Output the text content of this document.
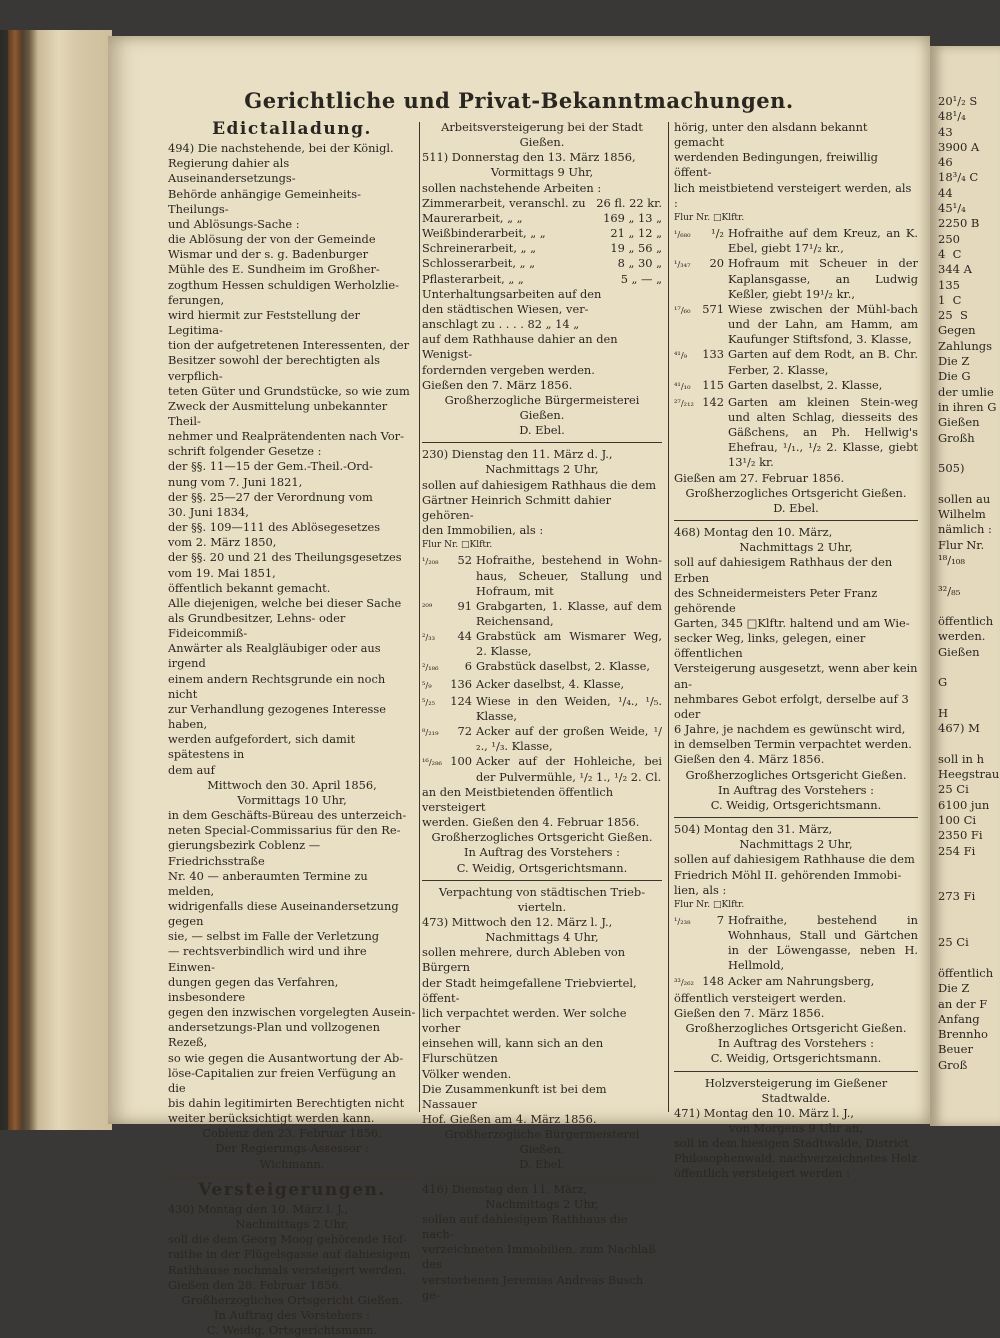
20¹/₂ S
48¹/₄
43
3900 A
46
18³/₄ C
44
45¹/₄
2250 B
250
4  C
344 A
135
1  C
25  S
Gegen
Zahlungs
Die Z
Die G
der umlie
in ihren G
Gießen
Großh

505)

sollen au
Wilhelm
nämlich :
Flur Nr.
¹⁸/₁₀₈

³²/₈₅

öffentlich
werden.
Gießen

G

H
467) M

soll in h
Heegstrau
25 Ci
6100 jun
100 Ci
2350 Fi
254 Fi

273 Fi

25 Ci

öffentlich
Die Z
an der F
Anfang
Brennho
Beuer
Groß
Gerichtliche und Privat-Bekanntmachungen.
Edictalladung.

494) Die nachstehende, bei der Königl.

Regierung dahier als Auseinandersetzungs-

Behörde anhängige Gemeinheits-Theilungs-

und Ablösungs-Sache :

die Ablösung der von der Gemeinde

Wismar und der s. g. Badenburger

Mühle des E. Sundheim im Großher-

zogthum Hessen schuldigen Werholzlie-

ferungen,

wird hiermit zur Feststellung der Legitima-

tion der aufgetretenen Interessenten, der

Besitzer sowohl der berechtigten als verpflich-

teten Güter und Grundstücke, so wie zum

Zweck der Ausmittelung unbekannter Theil-

nehmer und Realprätendenten nach Vor-

schrift folgender Gesetze :

der §§. 11—15 der Gem.-Theil.-Ord-

nung vom 7. Juni 1821,

der §§. 25—27 der Verordnung vom

30. Juni 1834,

der §§. 109—111 des Ablösegesetzes

vom 2. März 1850,

der §§. 20 und 21 des Theilungsgesetzes

vom 19. Mai 1851,

öffentlich bekannt gemacht.

Alle diejenigen, welche bei dieser Sache

als Grundbesitzer, Lehns- oder Fideicommiß-

Anwärter als Realgläubiger oder aus irgend

einem andern Rechtsgrunde ein noch nicht

zur Verhandlung gezogenes Interesse haben,

werden aufgefordert, sich damit spätestens in

dem auf

Mittwoch den 30. April 1856,

Vormittags 10 Uhr,

in dem Geschäfts-Büreau des unterzeich-

neten Special-Commissarius für den Re-

gierungsbezirk Coblenz — Friedrichsstraße

Nr. 40 — anberaumten Termine zu melden,

widrigenfalls diese Auseinandersetzung gegen

sie, — selbst im Falle der Verletzung

— rechtsverbindlich wird und ihre Einwen-

dungen gegen das Verfahren, insbesondere

gegen den inzwischen vorgelegten Ausein-

andersetzungs-Plan und vollzogenen Rezeß,

so wie gegen die Ausantwortung der Ab-

löse-Capitalien zur freien Verfügung an die

bis dahin legitimirten Berechtigten nicht

weiter berücksichtigt werden kann.

Coblenz den 23. Februar 1856.

Der Regierungs-Assessor :

Wichmann.

Versteigerungen.

430) Montag den 10. März l. J.,

Nachmittags 2 Uhr,

soll die dem Georg Moog gehörende Hof-

raithe in der Flügelsgasse auf dahiesigem

Rathhause nochmals versteigert werden.

Gießen den 28. Februar 1856.

Großherzogliches Ortsgericht Gießen.

In Auftrag des Vorstehers :

C. Weidig, Ortsgerichtsmann.

Arbeitsversteigerung bei der Stadt
Gießen.

511) Donnerstag den 13. März 1856,

Vormittags 9 Uhr,

sollen nachstehende Arbeiten :

Zimmerarbeit, veranschl. zu 26 fl. 22 kr.
Maurerarbeit, „ „	169 „ 13 „
Weißbinderarbeit, „ „	21 „ 12 „
Schreinerarbeit, „ „	19 „ 56 „
Schlosserarbeit, „ „	8 „ 30 „
Pflasterarbeit, „ „	5 „ — „

Unterhaltungsarbeiten auf den

den städtischen Wiesen, ver-

anschlagt zu . . . . 82 „ 14 „

auf dem Rathhause dahier an den Wenigst-

fordernden vergeben werden.

Gießen den 7. März 1856.

Großherzogliche Bürgermeisterei Gießen.

D. Ebel.

230) Dienstag den 11. März d. J.,

Nachmittags 2 Uhr,

sollen auf dahiesigem Rathhaus die dem

Gärtner Heinrich Schmitt dahier gehören-

den Immobilien, als :

Flur Nr. □Klftr.
¹/₂₀₈	52 Hofraithe, bestehend in Wohn-haus, Scheuer, Stallung und Hofraum, mit
²⁰⁹	91 Grabgarten, 1. Klasse, auf dem Reichensand,
²/₃₃	44 Grabstück am Wismarer Weg, 2. Klasse,
²/₁₈₆	6 Grabstück daselbst, 2. Klasse,
⁵/₉	136 Acker daselbst, 4. Klasse,
⁵/₂₅	124 Wiese in den Weiden, ¹/₄., ¹/₅. Klasse,
⁸/₂₁₉	72 Acker auf der großen Weide, ¹/₂., ¹/₃. Klasse,
¹⁶/₂₈₆ 100 Acker auf der Hohleiche, bei der Pulvermühle, ¹/₂ 1., ¹/₂ 2. Cl.

an den Meistbietenden öffentlich versteigert

werden. Gießen den 4. Februar 1856.

Großherzogliches Ortsgericht Gießen.

In Auftrag des Vorstehers :

C. Weidig, Ortsgerichtsmann.

Verpachtung von städtischen Trieb-
vierteln.

473) Mittwoch den 12. März l. J.,

Nachmittags 4 Uhr,

sollen mehrere, durch Ableben von Bürgern

der Stadt heimgefallene Triebviertel, öffent-

lich verpachtet werden. Wer solche vorher

einsehen will, kann sich an den Flurschützen

Völker wenden.

Die Zusammenkunft ist bei dem Nassauer

Hof. Gießen am 4. März 1856.

Großherzogliche Bürgermeisterei Gießen.

D. Ebel.

416) Dienstag den 11. März,

Nachmittags 2 Uhr,

sollen auf dahiesigem Rathhaus die nach-

verzeichneten Immobilien, zum Nachlaß des

verstorbenen Jeremias Andreas Busch ge-

hörig, unter den alsdann bekannt gemacht

werdenden Bedingungen, freiwillig öffent-

lich meistbietend versteigert werden, als :

Flur Nr. □Klftr.
¹/₆₈₀	¹/₂ Hofraithe auf dem Kreuz, an K. Ebel, giebt 17¹/₂ kr.,
¹/₃₄₇	20 Hofraum mit Scheuer in der Kaplansgasse, an Ludwig Keßler, giebt 19¹/₂ kr.,
¹⁷/₆₀	571 Wiese zwischen der Mühl-bach und der Lahn, am Hamm, am Kaufunger Stiftsfond, 3. Klasse,
⁴¹/₉	133 Garten auf dem Rodt, an B. Chr. Ferber, 2. Klasse,
⁴¹/₁₀	115 Garten daselbst, 2. Klasse,
²⁷/₂₁₂ 142 Garten am kleinen Stein-weg und alten Schlag, diesseits des Gäßchens, an Ph. Hellwig's Ehefrau, ¹/₁., ¹/₂ 2. Klasse, giebt 13¹/₂ kr.

Gießen am 27. Februar 1856.

Großherzogliches Ortsgericht Gießen.

D. Ebel.

468) Montag den 10. März,

Nachmittags 2 Uhr,

soll auf dahiesigem Rathhaus der den Erben

des Schneidermeisters Peter Franz gehörende

Garten, 345 □Klftr. haltend und am Wie-

secker Weg, links, gelegen, einer öffentlichen

Versteigerung ausgesetzt, wenn aber kein an-

nehmbares Gebot erfolgt, derselbe auf 3 oder

6 Jahre, je nachdem es gewünscht wird,

in demselben Termin verpachtet werden.

Gießen den 4. März 1856.

Großherzogliches Ortsgericht Gießen.

In Auftrag des Vorstehers :

C. Weidig, Ortsgerichtsmann.

504) Montag den 31. März,

Nachmittags 2 Uhr,

sollen auf dahiesigem Rathhause die dem

Friedrich Möhl II. gehörenden Immobi-

lien, als :

Flur Nr. □Klftr.
¹/₂₃₈	7 Hofraithe, bestehend in Wohnhaus, Stall und Gärtchen in der Löwengasse, neben H. Hellmold,
³³/₂₆₂ 148 Acker am Nahrungsberg,

öffentlich versteigert werden.

Gießen den 7. März 1856.

Großherzogliches Ortsgericht Gießen.

In Auftrag des Vorstehers :

C. Weidig, Ortsgerichtsmann.

Holzversteigerung im Gießener
Stadtwalde.

471) Montag den 10. März l. J.,

von Morgens 9 Uhr an,

soll in dem hiesigen Stadtwalde, District

Philosophenwald, nachverzeichnetes Holz

öffentlich versteigert werden :
